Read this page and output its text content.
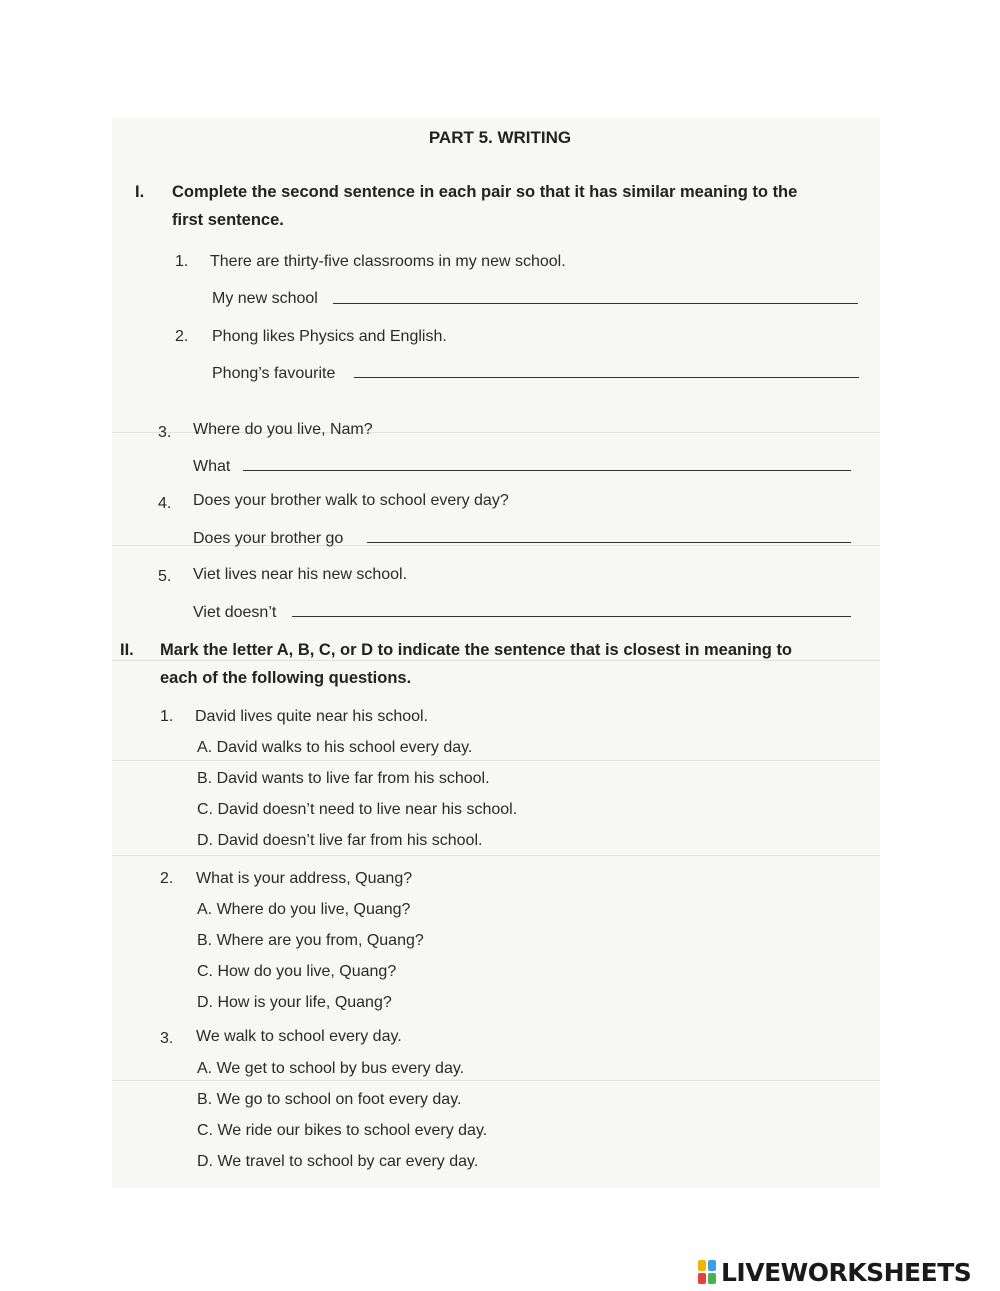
PART 5. WRITING
I. Complete the second sentence in each pair so that it has similar meaning to the
first sentence.
1. There are thirty-five classrooms in my new school.
My new school
2. Phong likes Physics and English.
Phong’s favourite
3. Where do you live, Nam?
What
4. Does your brother walk to school every day?
Does your brother go
5. Viet lives near his new school.
Viet doesn’t
II. Mark the letter A, B, C, or D to indicate the sentence that is closest in meaning to
each of the following questions.
1. David lives quite near his school.
A. David walks to his school every day.
B. David wants to live far from his school.
C. David doesn’t need to live near his school.
D. David doesn’t live far from his school.
2. What is your address, Quang?
A. Where do you live, Quang?
B. Where are you from, Quang?
C. How do you live, Quang?
D. How is your life, Quang?
3. We walk to school every day.
A. We get to school by bus every day.
B. We go to school on foot every day.
C. We ride our bikes to school every day.
D. We travel to school by car every day.
LIVEWORKSHEETS
